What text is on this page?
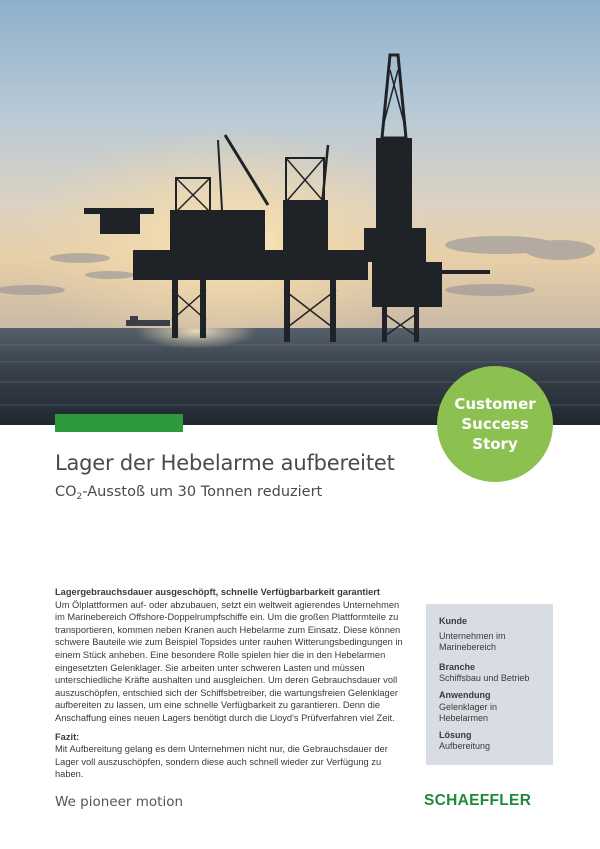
Customer
Success
Story
Lager der Hebelarme aufbereitet
$CO_2$-Ausstoß um 30 Tonnen reduziert

Lagergebrauchsdauer ausgeschöpft, schnelle Verfügbarbarkeit garantiert

Um Ölplattformen auf- oder abzubauen, setzt ein weltweit agierendes Unternehmen im Marinebereich Offshore-Doppelrumpfschiffe ein. Um die großen Plattformteile zu transportieren, kommen neben Kranen auch Hebelarme zum Einsatz. Diese können schwere Bauteile wie zum Beispiel Topsides unter rauhen Witterungsbedingungen in einem Stück anheben. Eine besondere Rolle spielen hier die in den Hebelarmen eingesetzten Gelenklager. Sie arbeiten unter schweren Lasten und müssen unterschiedliche Kräfte aushalten und ausgleichen. Um deren Gebrauchsdauer voll auszuschöpfen, entschied sich der Schiffsbetreiber, die wartungsfreien Gelenklager aufbereiten zu lassen, um eine schnelle Verfügbarkeit zu garantieren. Denn die Anschaffung eines neuen Lagers benötigt durch die Lloyd's Prüfverfahren viel Zeit.

Fazit:

Mit Aufbereitung gelang es dem Unternehmen nicht nur, die Gebrauchsdauer der Lager voll auszuschöpfen, sondern diese auch schnell wieder zur Verfügung zu haben.

Kunde

Unternehmen im Marinebereich

Branche

Schiffsbau und Betrieb

Anwendung

Gelenklager in Hebelarmen

Lösung

Aufbereitung

We pioneer motion	SCHAEFFLER
